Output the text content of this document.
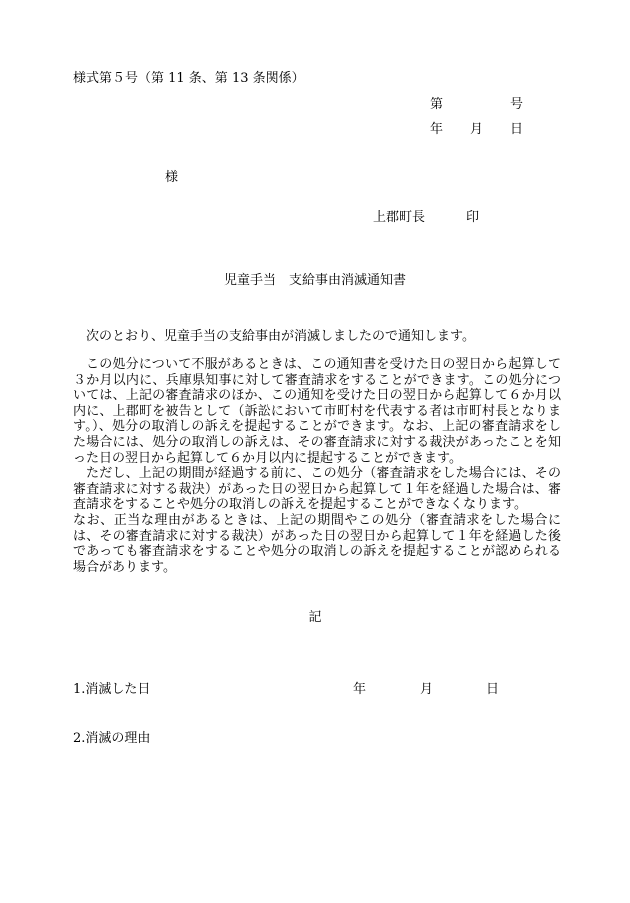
様式第５号（第 11 条、第 13 条関係）
第	号
年 月 日
様
上郡町長	印
児童手当　支給事由消滅通知書
次のとおり、児童手当の支給事由が消滅しましたので通知します。

この処分について不服があるときは、この通知書を受けた日の翌日から起算して３か月以内に、兵庫県知事に対して審査請求をすることができます。この処分については、上記の審査請求のほか、この通知を受けた日の翌日から起算して６か月以内に、上郡町を被告として（訴訟において市町村を代表する者は市町村長となります。）、処分の取消しの訴えを提起することができます。なお、上記の審査請求をした場合には、処分の取消しの訴えは、その審査請求に対する裁決があったことを知った日の翌日から起算して６か月以内に提起することができます。

ただし、上記の期間が経過する前に、この処分（審査請求をした場合には、その審査請求に対する裁決）があった日の翌日から起算して１年を経過した場合は、審査請求をすることや処分の取消しの訴えを提起することができなくなります。

なお、正当な理由があるときは、上記の期間やこの処分（審査請求をした場合には、その審査請求に対する裁決）があった日の翌日から起算して１年を経過した後であっても審査請求をすることや処分の取消しの訴えを提起することが認められる場合があります。

記
1.消滅した日	年	月	日
2.消滅の理由
